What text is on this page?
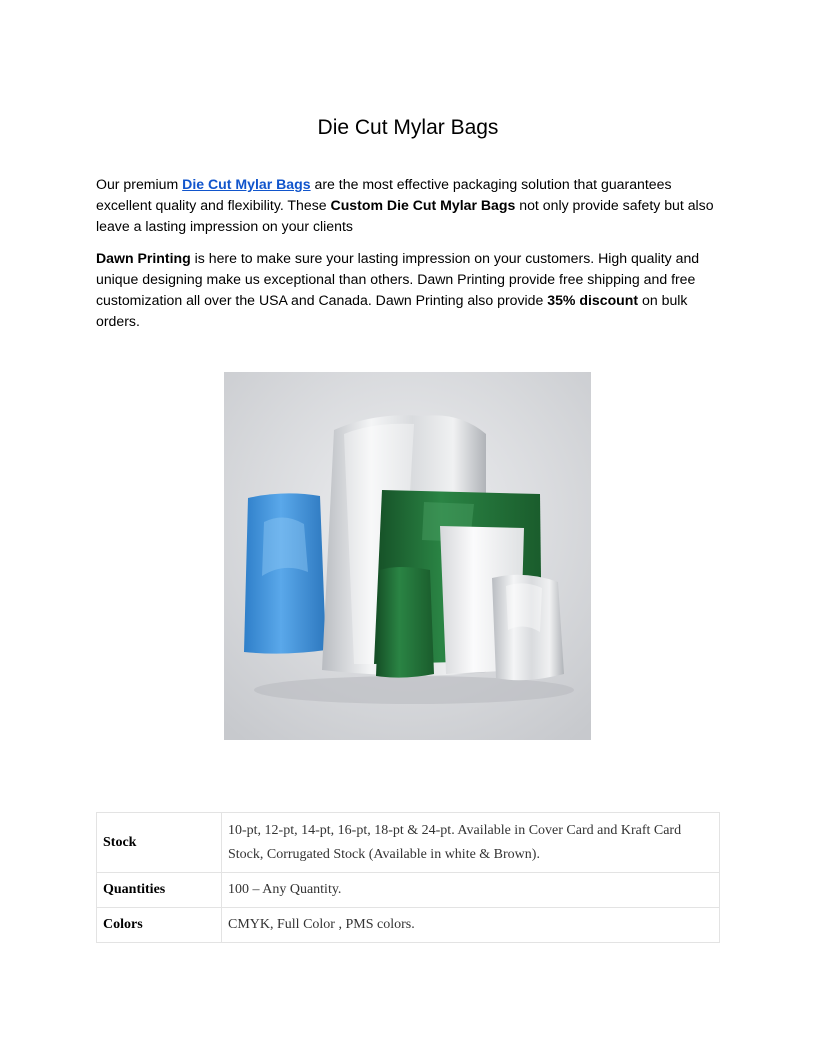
Die Cut Mylar Bags

Our premium Die Cut Mylar Bags are the most effective packaging solution that guarantees excellent quality and flexibility. These Custom Die Cut Mylar Bags not only provide safety but also leave a lasting impression on your clients

Dawn Printing is here to make sure your lasting impression on your customers. High quality and unique designing make us exceptional than others. Dawn Printing provide free shipping and free customization all over the USA and Canada. Dawn Printing also provide 35% discount on bulk orders.

Stock	10-pt, 12-pt, 14-pt, 16-pt, 18-pt & 24-pt. Available in Cover Card and Kraft Card Stock, Corrugated Stock (Available in white & Brown).
Quantities	100 – Any Quantity.
Colors	CMYK, Full Color , PMS colors.
